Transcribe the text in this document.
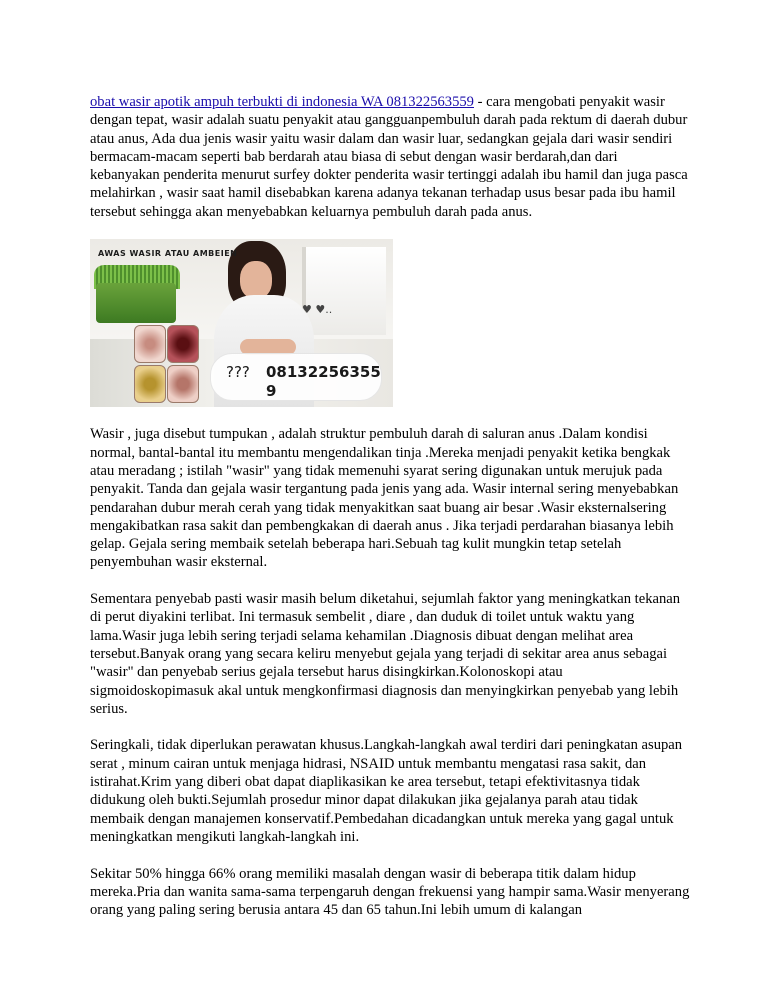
obat wasir apotik ampuh terbukti di indonesia WA 081322563559 - cara mengobati penyakit wasir dengan tepat, wasir adalah suatu penyakit atau gangguanpembuluh darah pada rektum di daerah dubur atau anus, Ada dua jenis wasir yaitu wasir dalam dan wasir luar, sedangkan gejala dari wasir sendiri bermacam-macam seperti bab berdarah atau biasa di sebut dengan wasir berdarah,dan dari kebanyakan penderita menurut surfey dokter penderita wasir tertinggi adalah ibu hamil dan juga pasca melahirkan , wasir saat hamil disebabkan karena adanya tekanan terhadap usus besar pada ibu hamil tersebut sehingga akan menyebabkan keluarnya pembuluh darah pada anus.

AWAS WASIR ATAU AMBEIEN
♥ ♥..
??? 08132256355 9

Wasir , juga disebut tumpukan , adalah struktur pembuluh darah di saluran anus .Dalam kondisi normal, bantal-bantal itu membantu mengendalikan tinja .Mereka menjadi penyakit ketika bengkak atau meradang ; istilah "wasir" yang tidak memenuhi syarat sering digunakan untuk merujuk pada penyakit. Tanda dan gejala wasir tergantung pada jenis yang ada. Wasir internal sering menyebabkan pendarahan dubur merah cerah yang tidak menyakitkan saat buang air besar .Wasir eksternalsering mengakibatkan rasa sakit dan pembengkakan di daerah anus . Jika terjadi perdarahan biasanya lebih gelap. Gejala sering membaik setelah beberapa hari.Sebuah tag kulit mungkin tetap setelah penyembuhan wasir eksternal.

Sementara penyebab pasti wasir masih belum diketahui, sejumlah faktor yang meningkatkan tekanan di perut diyakini terlibat. Ini termasuk sembelit , diare , dan duduk di toilet untuk waktu yang lama.Wasir juga lebih sering terjadi selama kehamilan .Diagnosis dibuat dengan melihat area tersebut.Banyak orang yang secara keliru menyebut gejala yang terjadi di sekitar area anus sebagai "wasir" dan penyebab serius gejala tersebut harus disingkirkan.Kolonoskopi atau sigmoidoskopimasuk akal untuk mengkonfirmasi diagnosis dan menyingkirkan penyebab yang lebih serius.

Seringkali, tidak diperlukan perawatan khusus.Langkah-langkah awal terdiri dari peningkatan asupan serat , minum cairan untuk menjaga hidrasi, NSAID untuk membantu mengatasi rasa sakit, dan istirahat.Krim yang diberi obat dapat diaplikasikan ke area tersebut, tetapi efektivitasnya tidak didukung oleh bukti.Sejumlah prosedur minor dapat dilakukan jika gejalanya parah atau tidak membaik dengan manajemen konservatif.Pembedahan dicadangkan untuk mereka yang gagal untuk meningkatkan mengikuti langkah-langkah ini.

Sekitar 50% hingga 66% orang memiliki masalah dengan wasir di beberapa titik dalam hidup mereka.Pria dan wanita sama-sama terpengaruh dengan frekuensi yang hampir sama.Wasir menyerang orang yang paling sering berusia antara 45 dan 65 tahun.Ini lebih umum di kalangan
